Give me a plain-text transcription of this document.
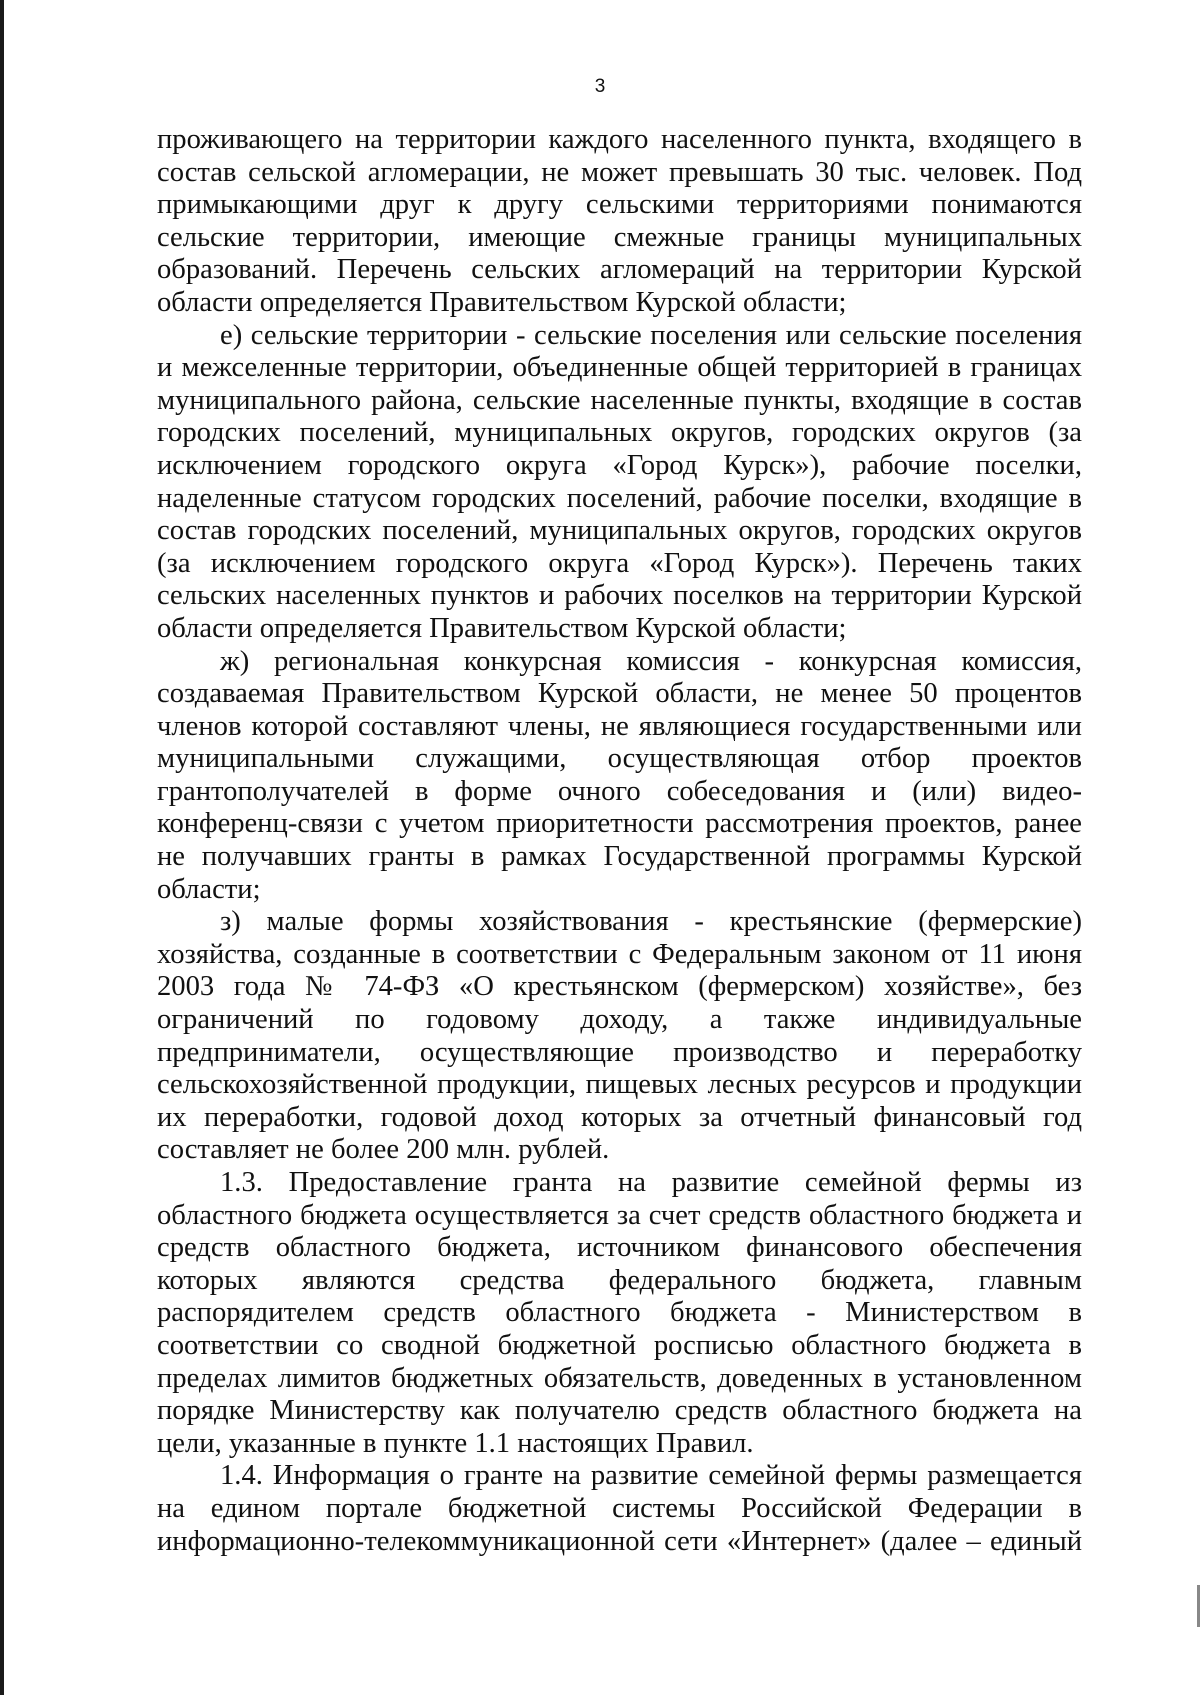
3

проживающего на территории каждого населенного пункта, входящего в состав сельской агломерации, не может превышать 30 тыс. человек. Под примыкающими друг к другу сельскими территориями понимаются сельские территории, имеющие смежные границы муниципальных образований. Перечень сельских агломераций на территории Курской области определяется Правительством Курской области;

е) сельские территории - сельские поселения или сельские поселения и межселенные территории, объединенные общей территорией в границах муниципального района, сельские населенные пункты, входящие в состав городских поселений, муниципальных округов, городских округов (за исключением городского округа «Город Курск»), рабочие поселки, наделенные статусом городских поселений, рабочие поселки, входящие в состав городских поселений, муниципальных округов, городских округов (за исключением городского округа «Город Курск»). Перечень таких сельских населенных пунктов и рабочих поселков на территории Курской области определяется Правительством Курской области;

ж) региональная конкурсная комиссия - конкурсная комиссия, создаваемая Правительством Курской области, не менее 50 процентов членов которой составляют члены, не являющиеся государственными или муниципальными служащими, осуществляющая отбор проектов грантополучателей в форме очного собеседования и (или) видео-конференц-связи с учетом приоритетности рассмотрения проектов, ранее не получавших гранты в рамках Государственной программы Курской области;

з) малые формы хозяйствования - крестьянские (фермерские) хозяйства, созданные в соответствии с Федеральным законом от 11 июня 2003 года № 74-ФЗ «О крестьянском (фермерском) хозяйстве», без ограничений по годовому доходу, а также индивидуальные предприниматели, осуществляющие производство и переработку сельскохозяйственной продукции, пищевых лесных ресурсов и продукции их переработки, годовой доход которых за отчетный финансовый год составляет не более 200 млн. рублей.

1.3. Предоставление гранта на развитие семейной фермы из областного бюджета осуществляется за счет средств областного бюджета и средств областного бюджета, источником финансового обеспечения которых являются средства федерального бюджета, главным распорядителем средств областного бюджета - Министерством в соответствии со сводной бюджетной росписью областного бюджета в пределах лимитов бюджетных обязательств, доведенных в установленном порядке Министерству как получателю средств областного бюджета на цели, указанные в пункте 1.1 настоящих Правил.

1.4. Информация о гранте на развитие семейной фермы размещается на едином портале бюджетной системы Российской Федерации в информационно-телекоммуникационной сети «Интернет» (далее – единый
